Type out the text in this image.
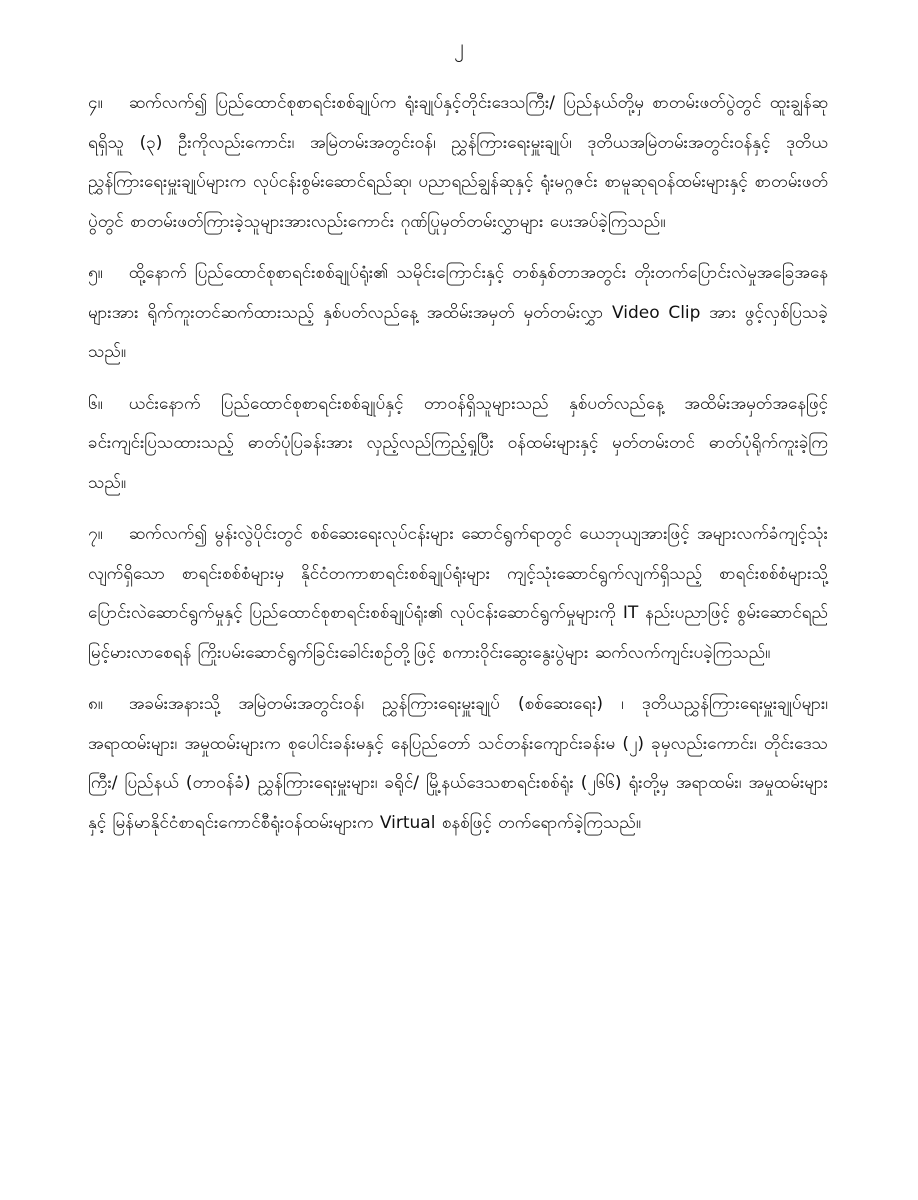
၂

၄။ ဆက်လက်၍ ပြည်ထောင်စုစာရင်းစစ်ချုပ်က ရုံးချုပ်နှင့်တိုင်းဒေသကြီး/ ပြည်နယ်တို့မှ စာတမ်းဖတ်ပွဲတွင် ထူးချွန်ဆုရရှိသူ (၃) ဦးကိုလည်းကောင်း၊ အမြဲတမ်းအတွင်းဝန်၊ ညွှန်ကြားရေးမှူးချုပ်၊ ဒုတိယအမြဲတမ်းအတွင်းဝန်နှင့် ဒုတိယညွှန်ကြားရေးမှူးချုပ်များက လုပ်ငန်းစွမ်းဆောင်ရည်ဆု၊ ပညာရည်ချွန်ဆုနှင့် ရုံးမဂ္ဂဇင်း စာမူဆုရဝန်ထမ်းများနှင့် စာတမ်းဖတ်ပွဲတွင် စာတမ်းဖတ်ကြားခဲ့သူများအားလည်းကောင်း ဂုဏ်ပြုမှတ်တမ်းလွှာများ ပေးအပ်ခဲ့ကြသည်။

၅။ ထို့နောက် ပြည်ထောင်စုစာရင်းစစ်ချုပ်ရုံး၏ သမိုင်းကြောင်းနှင့် တစ်နှစ်တာအတွင်း တိုးတက်ပြောင်းလဲမှုအခြေအနေများအား ရိုက်ကူးတင်ဆက်ထားသည့် နှစ်ပတ်လည်နေ့ အထိမ်းအမှတ် မှတ်တမ်းလွှာ Video Clip အား ဖွင့်လှစ်ပြသခဲ့သည်။

၆။ ယင်းနောက် ပြည်ထောင်စုစာရင်းစစ်ချုပ်နှင့် တာဝန်ရှိသူများသည် နှစ်ပတ်လည်နေ့ အထိမ်းအမှတ်အနေဖြင့် ခင်းကျင်းပြသထားသည့် ဓာတ်ပုံပြခန်းအား လှည့်လည်ကြည့်ရှုပြီး ဝန်ထမ်းများနှင့် မှတ်တမ်းတင် ဓာတ်ပုံရိုက်ကူးခဲ့ကြသည်။

၇။ ဆက်လက်၍ မွန်းလွဲပိုင်းတွင် စစ်ဆေးရေးလုပ်ငန်းများ ဆောင်ရွက်ရာတွင် ယေဘုယျအားဖြင့် အများလက်ခံကျင့်သုံးလျက်ရှိသော စာရင်းစစ်စံများမှ နိုင်ငံတကာစာရင်းစစ်ချုပ်ရုံးများ ကျင့်သုံးဆောင်ရွက်လျက်ရှိသည့် စာရင်းစစ်စံများသို့ ပြောင်းလဲဆောင်ရွက်မှုနှင့် ပြည်ထောင်စုစာရင်းစစ်ချုပ်ရုံး၏ လုပ်ငန်းဆောင်ရွက်မှုများကို IT နည်းပညာဖြင့် စွမ်းဆောင်ရည်မြင့်မားလာစေရန် ကြိုးပမ်းဆောင်ရွက်ခြင်းခေါင်းစဉ်တို့ဖြင့် စကားဝိုင်းဆွေးနွေးပွဲများ ဆက်လက်ကျင်းပခဲ့ကြသည်။

၈။ အခမ်းအနားသို့ အမြဲတမ်းအတွင်းဝန်၊ ညွှန်ကြားရေးမှူးချုပ် (စစ်ဆေးရေး) ၊ ဒုတိယညွှန်ကြားရေးမှူးချုပ်များ၊ အရာထမ်းများ၊ အမှုထမ်းများက စုပေါင်းခန်းမနှင့် နေပြည်တော် သင်တန်းကျောင်းခန်းမ (၂) ခုမှလည်းကောင်း၊ တိုင်းဒေသကြီး/ ပြည်နယ် (တာဝန်ခံ) ညွှန်ကြားရေးမှူးများ၊ ခရိုင်/ မြို့နယ်ဒေသစာရင်းစစ်ရုံး (၂၆၆) ရုံးတို့မှ အရာထမ်း၊ အမှုထမ်းများနှင့် မြန်မာနိုင်ငံစာရင်းကောင်စီရုံးဝန်ထမ်းများက Virtual စနစ်ဖြင့် တက်ရောက်ခဲ့ကြသည်။
